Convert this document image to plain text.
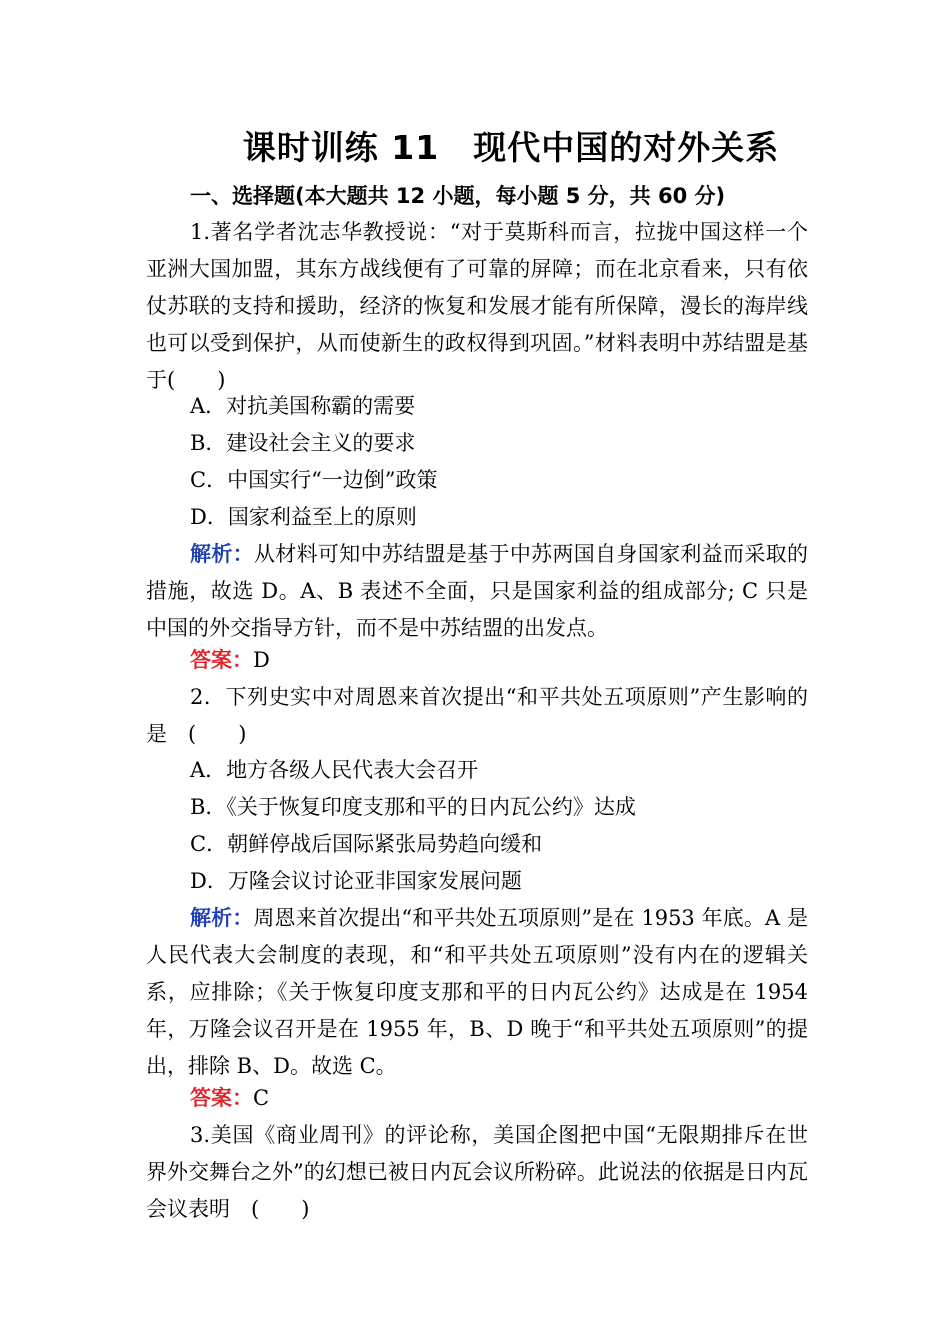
课时训练 11　现代中国的对外关系
一、选择题(本大题共 12 小题，每小题 5 分，共 60 分)

1.著名学者沈志华教授说：“对于莫斯科而言，拉拢中国这样一个亚洲大国加盟，其东方战线便有了可靠的屏障；而在北京看来，只有依仗苏联的支持和援助，经济的恢复和发展才能有所保障，漫长的海岸线也可以受到保护，从而使新生的政权得到巩固。”材料表明中苏结盟是基于(　　)

A．对抗美国称霸的需要

B．建设社会主义的要求

C．中国实行“一边倒”政策

D．国家利益至上的原则

解析：从材料可知中苏结盟是基于中苏两国自身国家利益而采取的措施，故选 D。A、B 表述不全面，只是国家利益的组成部分; C 只是中国的外交指导方针，而不是中苏结盟的出发点。

答案：D

2．下列史实中对周恩来首次提出“和平共处五项原则”产生影响的是　(　　)

A．地方各级人民代表大会召开

B．《关于恢复印度支那和平的日内瓦公约》达成

C．朝鲜停战后国际紧张局势趋向缓和

D．万隆会议讨论亚非国家发展问题

解析：周恩来首次提出“和平共处五项原则”是在 1953 年底。A 是人民代表大会制度的表现，和“和平共处五项原则”没有内在的逻辑关系，应排除；《关于恢复印度支那和平的日内瓦公约》达成是在 1954 年，万隆会议召开是在 1955 年，B、D 晚于“和平共处五项原则”的提出，排除 B、D。故选 C。

答案：C

3.美国《商业周刊》的评论称，美国企图把中国“无限期排斥在世界外交舞台之外”的幻想已被日内瓦会议所粉碎。此说法的依据是日内瓦会议表明　(　　)
